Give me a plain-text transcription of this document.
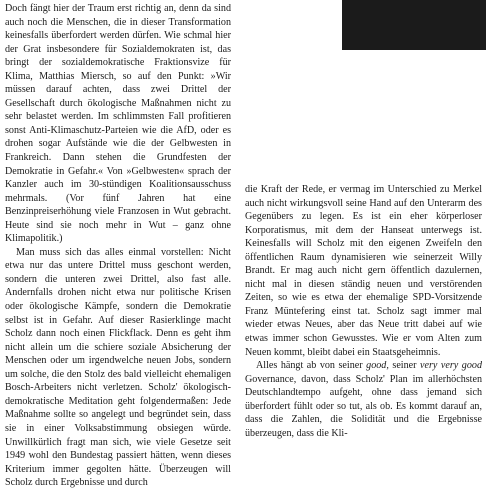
Doch fängt hier der Traum erst richtig an, denn da sind auch noch die Menschen, die in dieser Transformation keinesfalls überfordert werden dürfen. Wie schmal hier der Grat insbesondere für Sozialdemokraten ist, das bringt der sozialdemokratische Fraktionsvize für Klima, Matthias Miersch, so auf den Punkt: »Wir müssen darauf achten, dass zwei Drittel der Gesellschaft durch ökologische Maßnahmen nicht zu sehr belastet werden. Im schlimmsten Fall profitieren sonst Anti-Klimaschutz-Parteien wie die AfD, oder es drohen sogar Aufstände wie die der Gelbwesten in Frankreich. Dann stehen die Grundfesten der Demokratie in Gefahr.« Von »Gelbwesten« sprach der Kanzler auch im 30-stündigen Koalitionsausschuss mehrmals. (Vor fünf Jahren hat eine Benzinpreiserhöhung viele Franzosen in Wut gebracht. Heute sind sie noch mehr in Wut – ganz ohne Klimapolitik.)

Man muss sich das alles einmal vorstellen: Nicht etwa nur das untere Drittel muss geschont werden, sondern die unteren zwei Drittel, also fast alle. Andernfalls drohen nicht etwa nur politische Krisen oder ökologische Kämpfe, sondern die Demokratie selbst ist in Gefahr. Auf dieser Rasierklinge macht Scholz dann noch einen Flickflack. Denn es geht ihm nicht allein um die schiere soziale Absicherung der Menschen oder um irgendwelche neuen Jobs, sondern um solche, die den Stolz des bald vielleicht ehemaligen Bosch-Arbeiters nicht verletzen. Scholz' ökologisch-demokratische Meditation geht folgendermaßen: Jede Maßnahme sollte so angelegt und begründet sein, dass sie in einer Volksabstimmung obsiegen würde. Unwillkürlich fragt man sich, wie viele Gesetze seit 1949 wohl den Bundestag passiert hätten, wenn dieses Kriterium immer gegolten hätte. Überzeugen will Scholz durch Ergebnisse und durch

die Kraft der Rede, er vermag im Unterschied zu Merkel auch nicht wirkungsvoll seine Hand auf den Unterarm des Gegenübers zu legen. Es ist ein eher körperloser Korporatismus, mit dem der Hanseat unterwegs ist. Keinesfalls will Scholz mit den eigenen Zweifeln den öffentlichen Raum dynamisieren wie seinerzeit Willy Brandt. Er mag auch nicht gern öffentlich dazulernen, nicht mal in diesen ständig neuen und verstörenden Zeiten, so wie es etwa der ehemalige SPD-Vorsitzende Franz Müntefering einst tat. Scholz sagt immer mal wieder etwas Neues, aber das Neue tritt dabei auf wie etwas immer schon Gewusstes. Wie er vom Alten zum Neuen kommt, bleibt dabei ein Staatsgeheimnis.

Alles hängt ab von seiner good, seiner very very good Governance, davon, dass Scholz' Plan im allerhöchsten Deutschlandtempo aufgeht, ohne dass jemand sich überfordert fühlt oder so tut, als ob. Es kommt darauf an, dass die Zahlen, die Solidität und die Ergebnisse überzeugen, dass die Kli-
